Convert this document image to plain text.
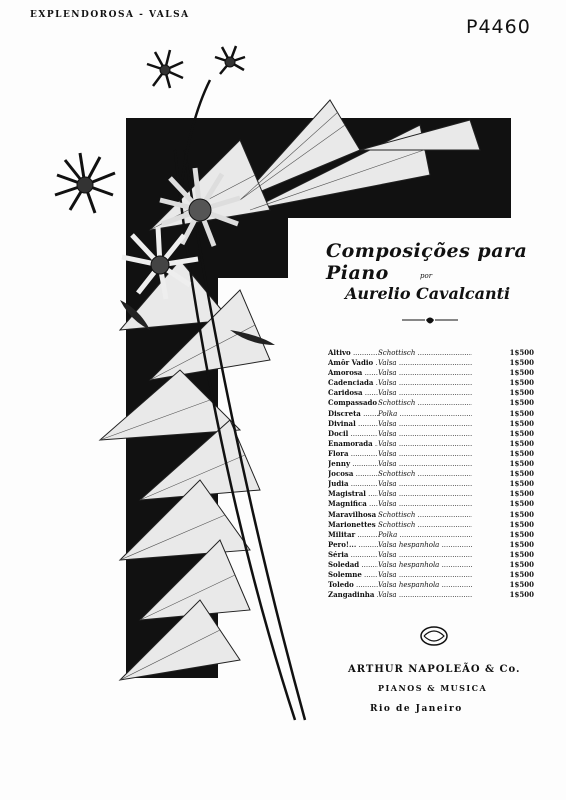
EXPLENDOROSA - VALSA
P4460
Composições para Piano	por
Aurelio Cavalcanti
Altivo .....	Schottisch .....	1$500
Amôr Vadio ..... Valsa .....	1$500
Amorosa .....	Valsa .....	1$500
Cadenciada ..... Valsa .....	1$500
Caridosa .....	Valsa .....	1$500
Compassado ..... Schottisch .....	1$500
Discreta .....	Polka .....	1$500
Divinal .....	Valsa .....	1$500
Docil .....	Valsa .....	1$500
Enamorada ..... Valsa .....	1$500
Flora .....	Valsa .....	1$500
Jenny .....	Valsa .....	1$500
Jocosa .....	Schottisch .....	1$500
Judia .....	Valsa .....	1$500
Magistral .....	Valsa .....	1$500
Magnifica .....	Valsa .....	1$500
Maravilhosa ..... Schottisch .....	1$500
Marionettes ..... Schottisch .....	1$500
Militar .....	Polka .....	1$500
Pero!... .....	Valsa hespanhola .....	1$500
Séria .....	Valsa .....	1$500
Soledad .....	Valsa hespanhola .....	1$500
Solemne .....	Valsa .....	1$500
Toledo .....	Valsa hespanhola .....	1$500
Zangadinha ..... Valsa .....	1$500
ARTHUR NAPOLEÃO & Co.
PIANOS & MUSICA
Rio de Janeiro
